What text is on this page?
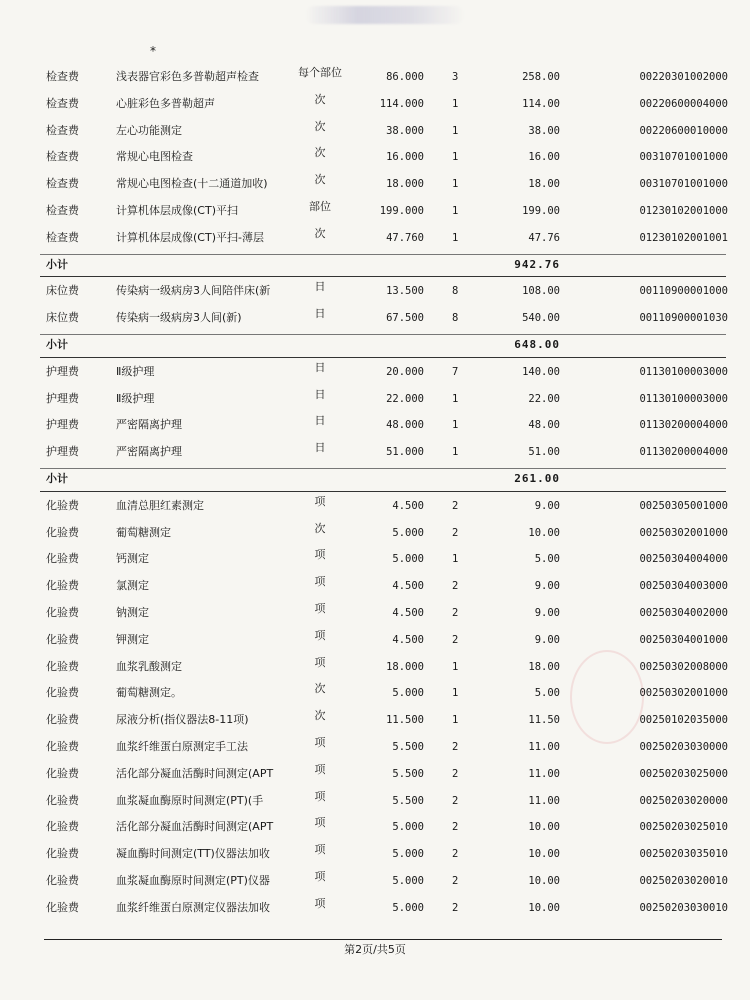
*
检查费	浅表器官彩色多普勒超声检查	每个部位	86.000	3	258.00	00220301002000
检查费	心脏彩色多普勒超声	次	114.000	1	114.00	00220600004000
检查费	左心功能测定	次	38.000	1	38.00	00220600010000
检查费	常规心电图检查	次	16.000	1	16.00	00310701001000
检查费	常规心电图检查(十二通道加收)	次	18.000	1	18.00	00310701001000
检查费	计算机体层成像(CT)平扫	部位	199.000	1	199.00	01230102001000
检查费	计算机体层成像(CT)平扫-薄层	次	47.760	1	47.76	01230102001001
小计	942.76
床位费	传染病一级病房3人间陪伴床(新	日	13.500	8	108.00	00110900001000
床位费	传染病一级病房3人间(新)	日	67.500	8	540.00	00110900001030
小计	648.00
护理费	Ⅱ级护理	日	20.000	7	140.00	01130100003000
护理费	Ⅱ级护理	日	22.000	1	22.00	01130100003000
护理费	严密隔离护理	日	48.000	1	48.00	01130200004000
护理费	严密隔离护理	日	51.000	1	51.00	01130200004000
小计	261.00
化验费	血清总胆红素测定	项	4.500	2	9.00	00250305001000
化验费	葡萄糖测定	次	5.000	2	10.00	00250302001000
化验费	钙测定	项	5.000	1	5.00	00250304004000
化验费	氯测定	项	4.500	2	9.00	00250304003000
化验费	钠测定	项	4.500	2	9.00	00250304002000
化验费	钾测定	项	4.500	2	9.00	00250304001000
化验费	血浆乳酸测定	项	18.000	1	18.00	00250302008000
化验费	葡萄糖测定。	次	5.000	1	5.00	00250302001000
化验费	尿液分析(指仪器法8-11项)	次	11.500	1	11.50	00250102035000
化验费	血浆纤维蛋白原测定手工法	项	5.500	2	11.00	00250203030000
化验费	活化部分凝血活酶时间测定(APT	项	5.500	2	11.00	00250203025000
化验费	血浆凝血酶原时间测定(PT)(手	项	5.500	2	11.00	00250203020000
化验费	活化部分凝血活酶时间测定(APT	项	5.000	2	10.00	00250203025010
化验费	凝血酶时间测定(TT)仪器法加收	项	5.000	2	10.00	00250203035010
化验费	血浆凝血酶原时间测定(PT)仪器	项	5.000	2	10.00	00250203020010
化验费	血浆纤维蛋白原测定仪器法加收	项	5.000	2	10.00	00250203030010
第2页/共5页
